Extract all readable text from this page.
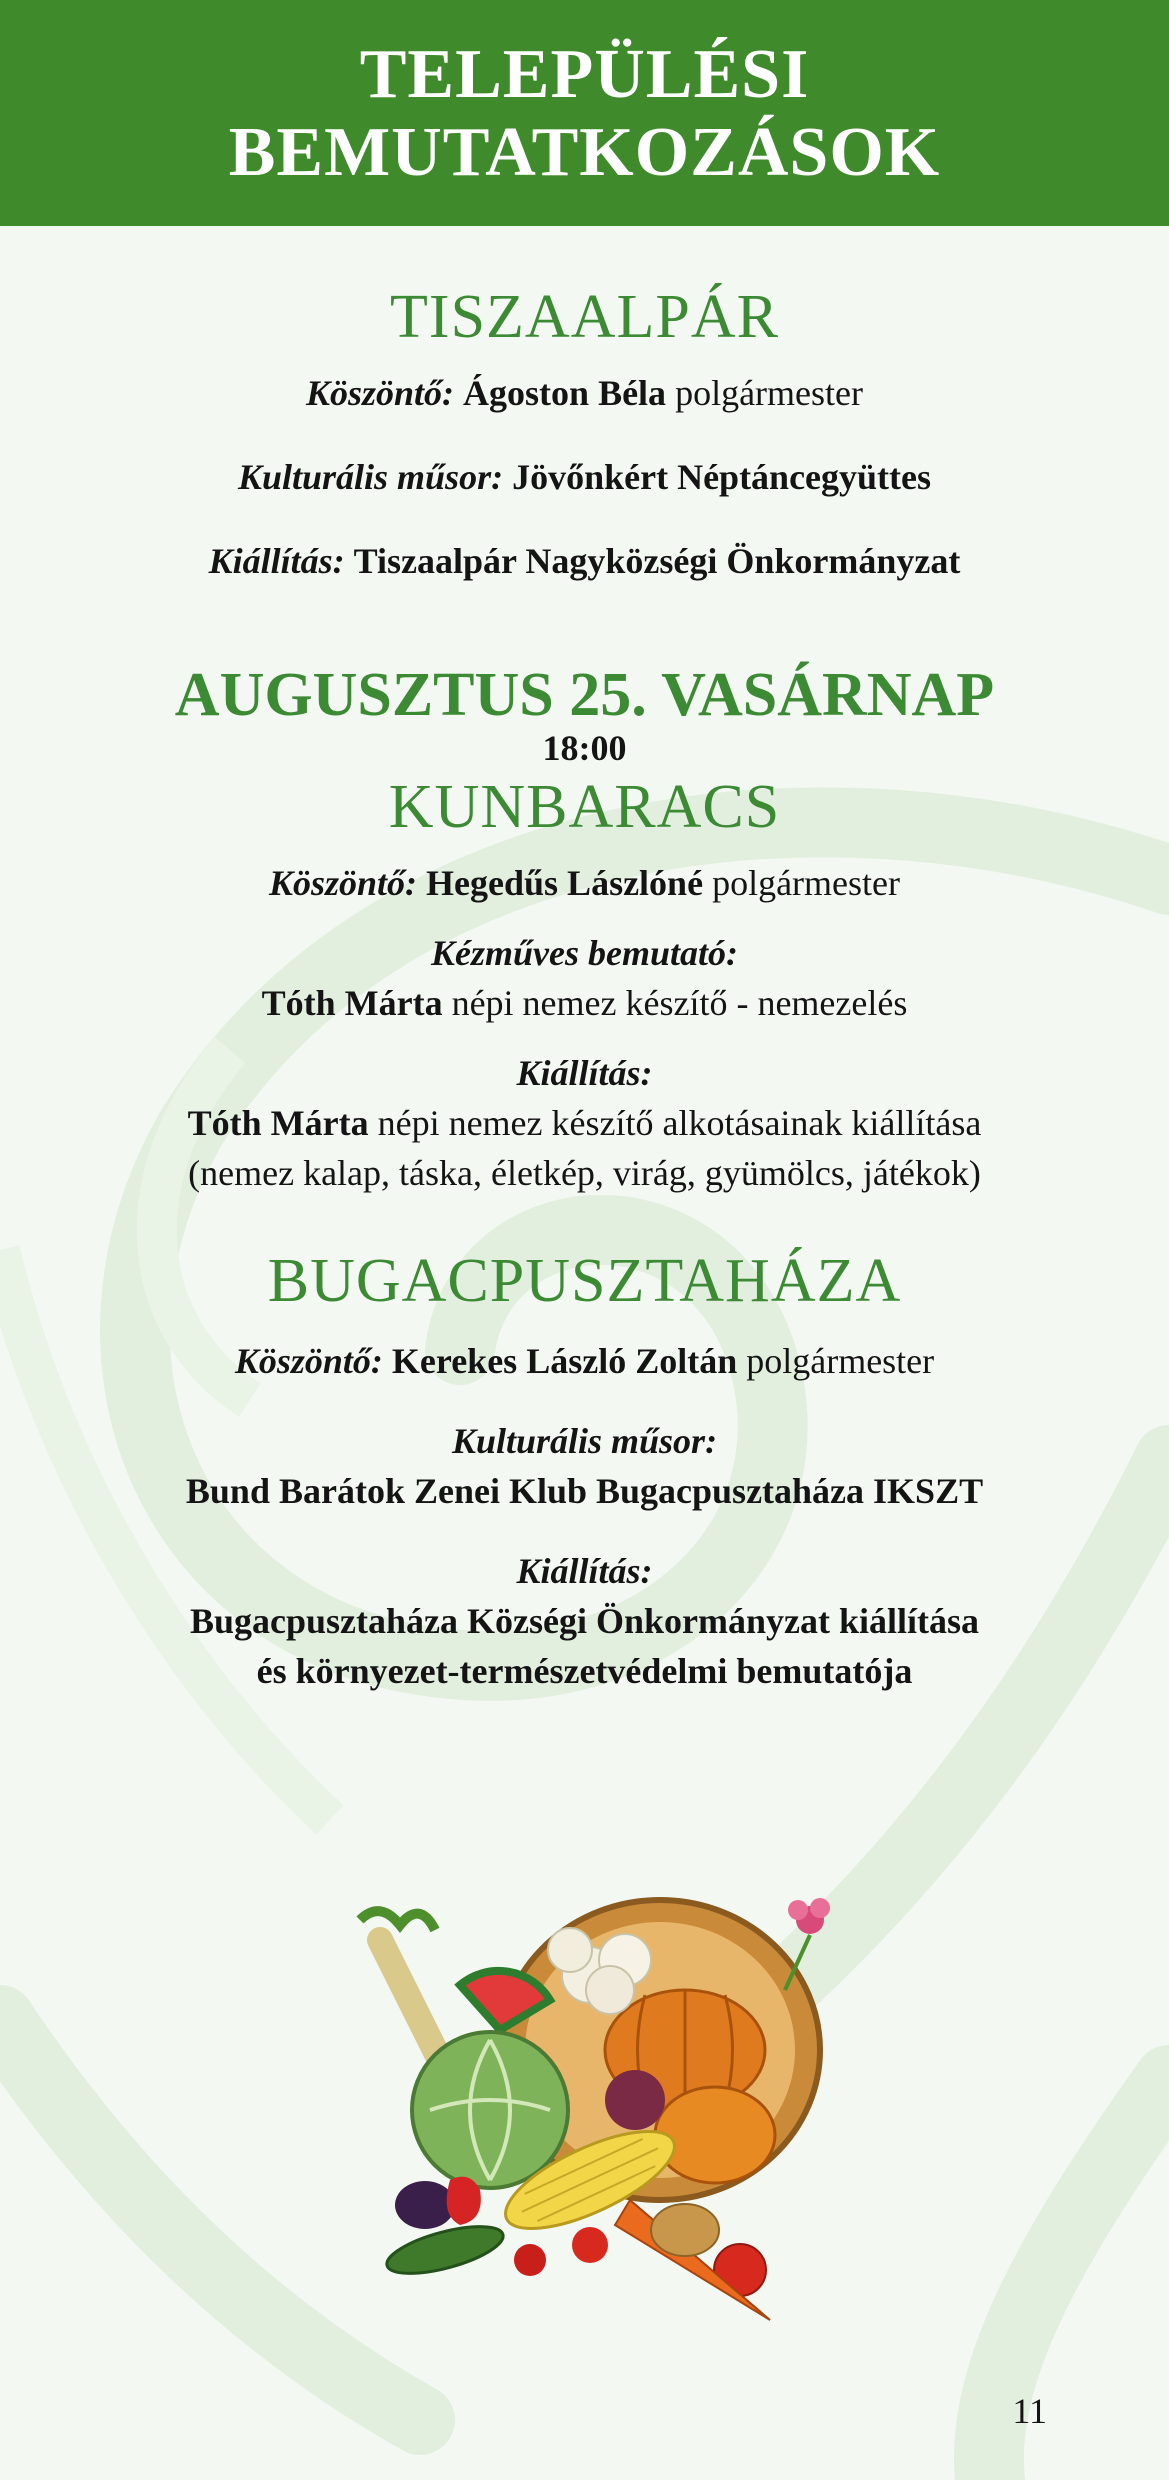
TELEPÜLÉSI
BEMUTATKOZÁSOK
TISZAALPÁR
Köszöntő: Ágoston Béla polgármester
Kulturális műsor: Jövőnkért Néptáncegyüttes
Kiállítás: Tiszaalpár Nagyközségi Önkormányzat
AUGUSZTUS 25. VASÁRNAP
18:00
KUNBARACS
Köszöntő: Hegedűs Lászlóné polgármester
Kézműves bemutató:
Tóth Márta népi nemez készítő - nemezelés
Kiállítás:
Tóth Márta népi nemez készítő alkotásainak kiállítása
(nemez kalap, táska, életkép, virág, gyümölcs, játékok)
BUGACPUSZTAHÁZA
Köszöntő: Kerekes László Zoltán polgármester
Kulturális műsor:
Bund Barátok Zenei Klub Bugacpusztaháza IKSZT
Kiállítás:
Bugacpusztaháza Községi Önkormányzat kiállítása
és környezet-természetvédelmi bemutatója
11
